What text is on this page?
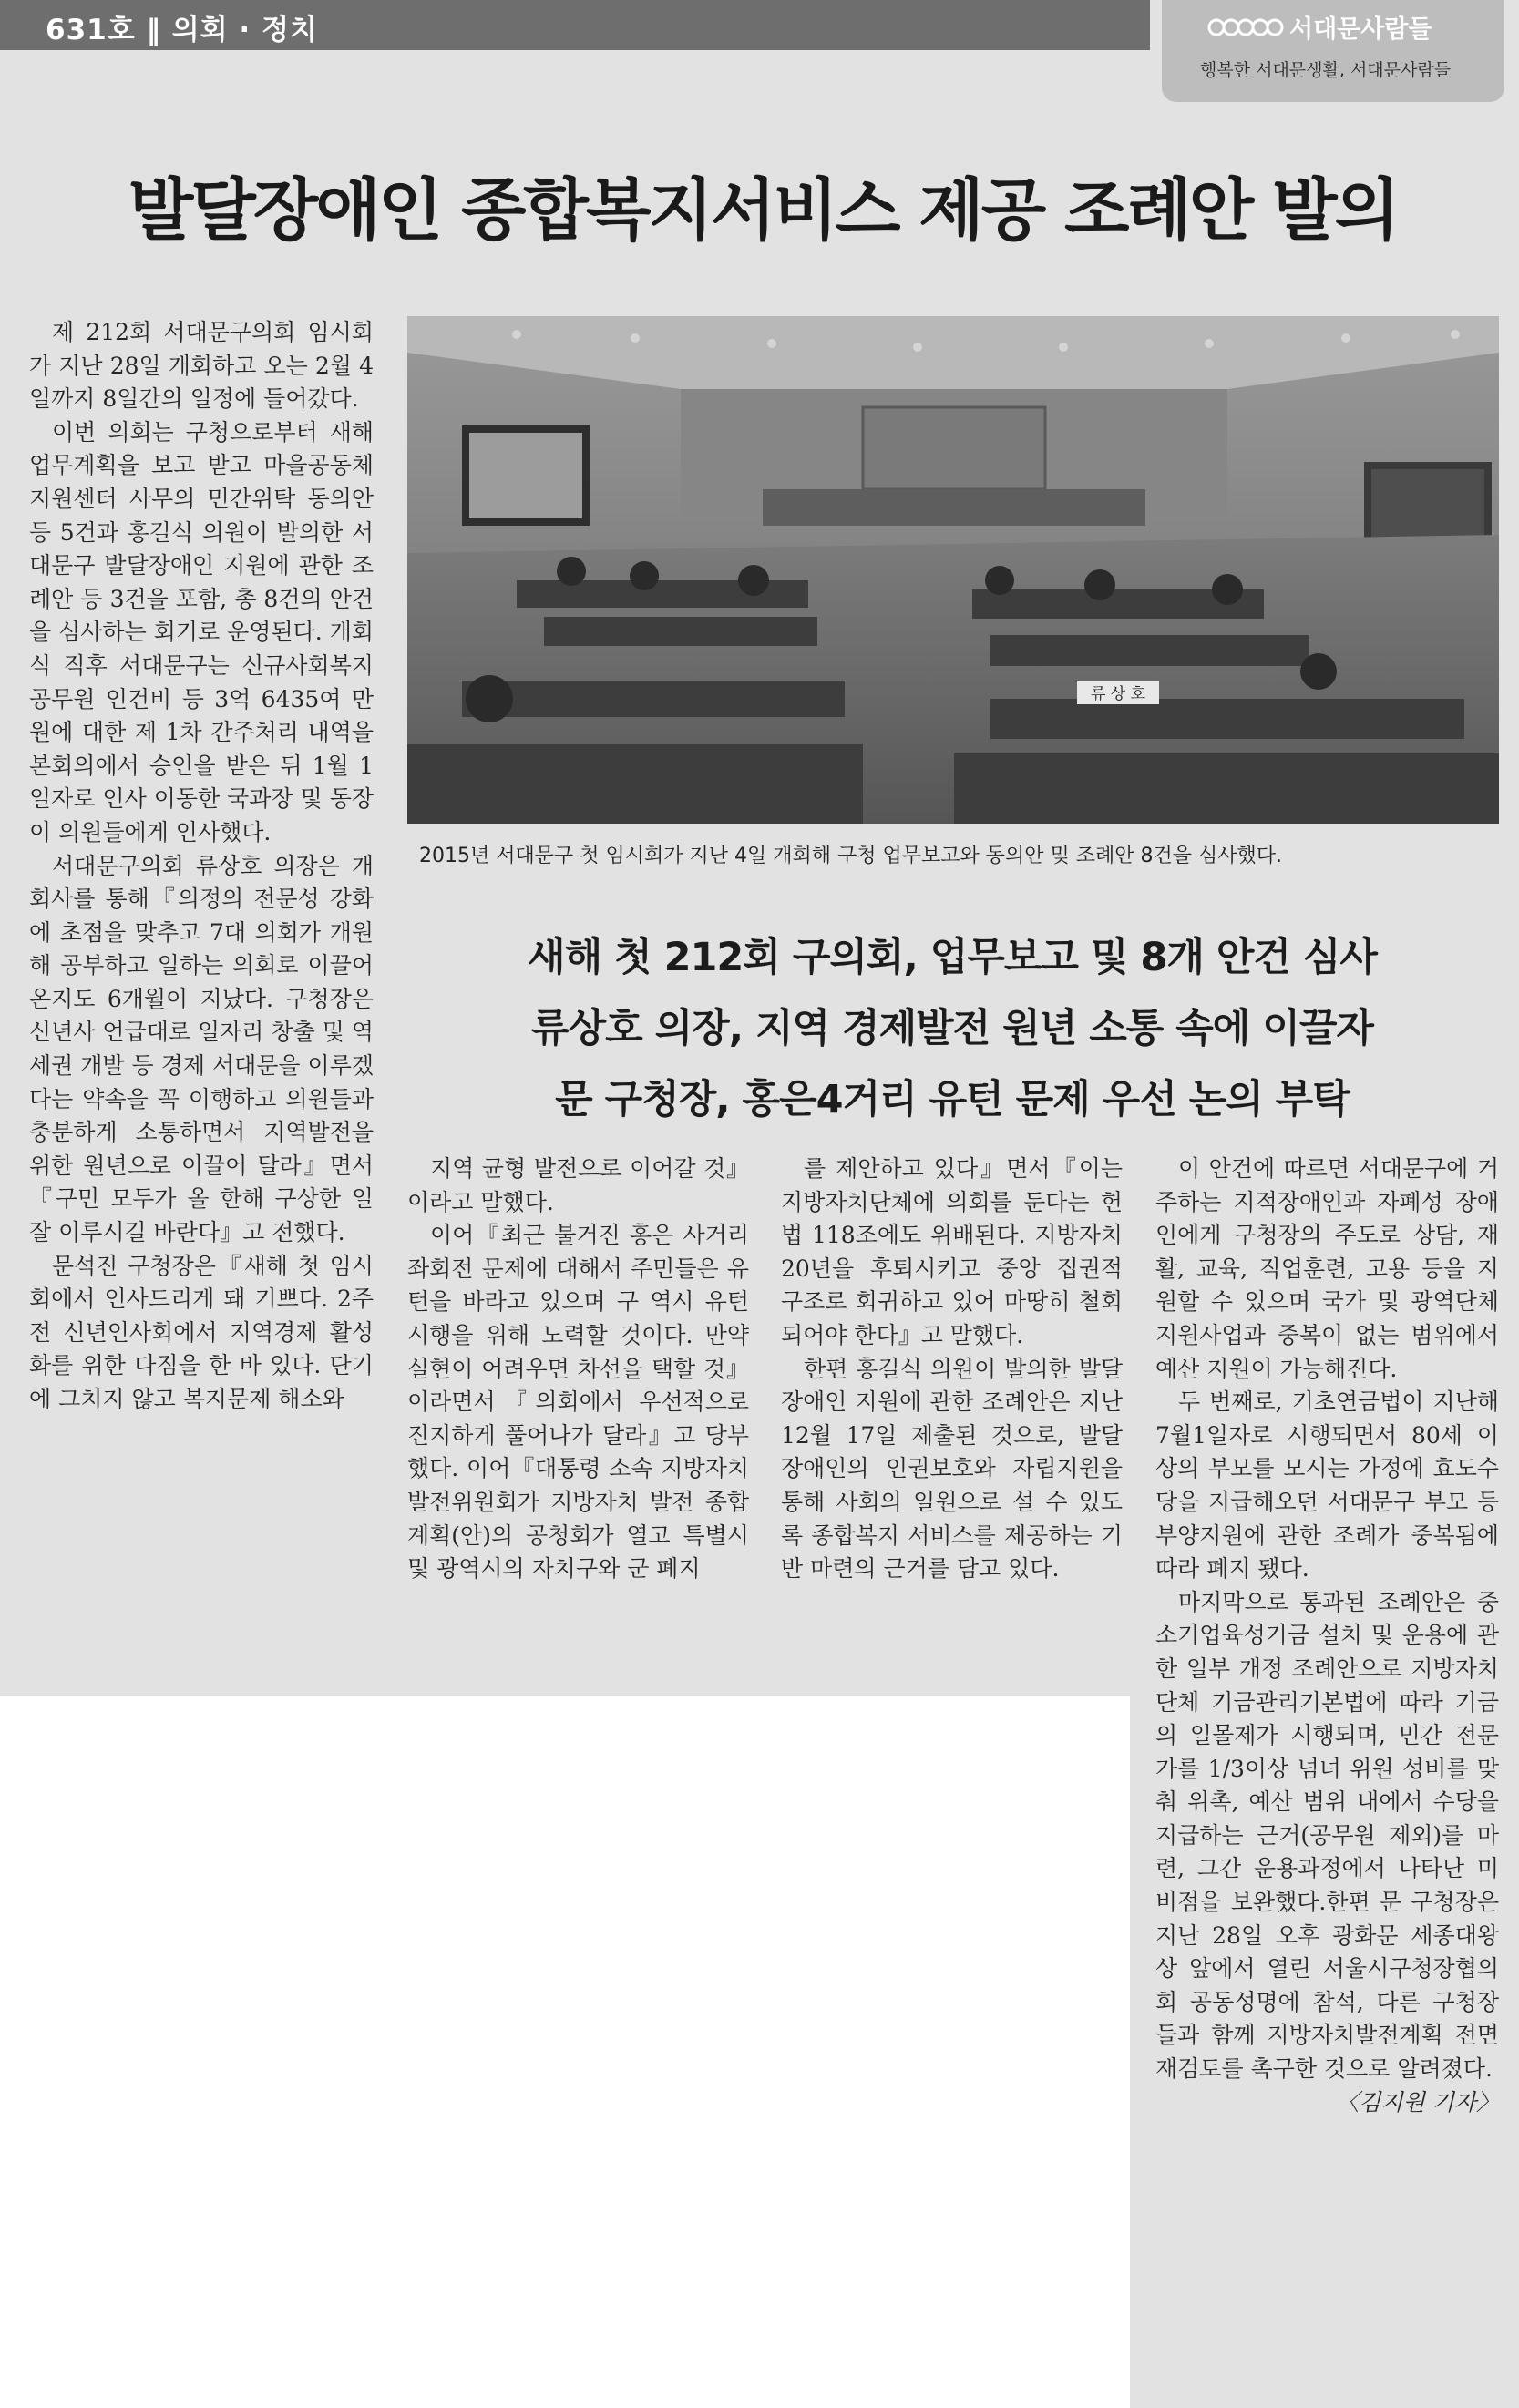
631호 ‖ 의회 · 정치	서대문사람들
행복한 서대문생활, 서대문사람들
발달장애인 종합복지서비스 제공 조례안 발의

제 212회 서대문구의회 임시회가 지난 28일 개회하고 오는 2월 4일까지 8일간의 일정에 들어갔다.

이번 의회는 구청으로부터 새해 업무계획을 보고 받고 마을공동체 지원센터 사무의 민간위탁 동의안 등 5건과 홍길식 의원이 발의한 서대문구 발달장애인 지원에 관한 조례안 등 3건을 포함, 총 8건의 안건을 심사하는 회기로 운영된다. 개회식 직후 서대문구는 신규사회복지공무원 인건비 등 3억 6435여 만원에 대한 제 1차 간주처리 내역을 본회의에서 승인을 받은 뒤 1월 1일자로 인사 이동한 국과장 및 동장이 의원들에게 인사했다.

서대문구의회 류상호 의장은 개회사를 통해『의정의 전문성 강화에 초점을 맞추고 7대 의회가 개원해 공부하고 일하는 의회로 이끌어 온지도 6개월이 지났다. 구청장은 신년사 언급대로 일자리 창출 및 역세권 개발 등 경제 서대문을 이루겠다는 약속을 꼭 이행하고 의원들과 충분하게 소통하면서 지역발전을 위한 원년으로 이끌어 달라』면서『구민 모두가 올 한해 구상한 일 잘 이루시길 바란다』고 전했다.

문석진 구청장은『새해 첫 임시회에서 인사드리게 돼 기쁘다. 2주 전 신년인사회에서 지역경제 활성화를 위한 다짐을 한 바 있다. 단기에 그치지 않고 복지문제 해소와

류 상 호
2015년 서대문구 첫 임시회가 지난 4일 개회해 구청 업무보고와 동의안 및 조례안 8건을 심사했다.
새해 첫 212회 구의회, 업무보고 및 8개 안건 심사
류상호 의장, 지역 경제발전 원년 소통 속에 이끌자
문 구청장, 홍은4거리 유턴 문제 우선 논의 부탁

지역 균형 발전으로 이어갈 것』이라고 말했다.

이어『최근 불거진 홍은 사거리 좌회전 문제에 대해서 주민들은 유턴을 바라고 있으며 구 역시 유턴 시행을 위해 노력할 것이다. 만약 실현이 어려우면 차선을 택할 것』이라면서『의회에서 우선적으로 진지하게 풀어나가 달라』고 당부했다. 이어『대통령 소속 지방자치발전위원회가 지방자치 발전 종합계획(안)의 공청회가 열고 특별시 및 광역시의 자치구와 군 폐지

를 제안하고 있다』면서『이는 지방자치단체에 의회를 둔다는 헌법 118조에도 위배된다. 지방자치 20년을 후퇴시키고 중앙 집권적 구조로 회귀하고 있어 마땅히 철회되어야 한다』고 말했다.

한편 홍길식 의원이 발의한 발달장애인 지원에 관한 조례안은 지난 12월 17일 제출된 것으로, 발달 장애인의 인권보호와 자립지원을 통해 사회의 일원으로 설 수 있도록 종합복지 서비스를 제공하는 기반 마련의 근거를 담고 있다.

이 안건에 따르면 서대문구에 거주하는 지적장애인과 자폐성 장애인에게 구청장의 주도로 상담, 재활, 교육, 직업훈련, 고용 등을 지원할 수 있으며 국가 및 광역단체 지원사업과 중복이 없는 범위에서 예산 지원이 가능해진다.

두 번째로, 기초연금법이 지난해 7월1일자로 시행되면서 80세 이상의 부모를 모시는 가정에 효도수당을 지급해오던 서대문구 부모 등 부양지원에 관한 조례가 중복됨에 따라 폐지 됐다.

마지막으로 통과된 조례안은 중소기업육성기금 설치 및 운용에 관한 일부 개정 조례안으로 지방자치단체 기금관리기본법에 따라 기금의 일몰제가 시행되며, 민간 전문가를 1/3이상 넘녀 위원 성비를 맞춰 위촉, 예산 범위 내에서 수당을 지급하는 근거(공무원 제외)를 마련, 그간 운용과정에서 나타난 미비점을 보완했다.한편 문 구청장은 지난 28일 오후 광화문 세종대왕상 앞에서 열린 서울시구청장협의회 공동성명에 참석, 다른 구청장들과 함께 지방자치발전계획 전면재검토를 촉구한 것으로 알려졌다.

〈김지원 기자〉
